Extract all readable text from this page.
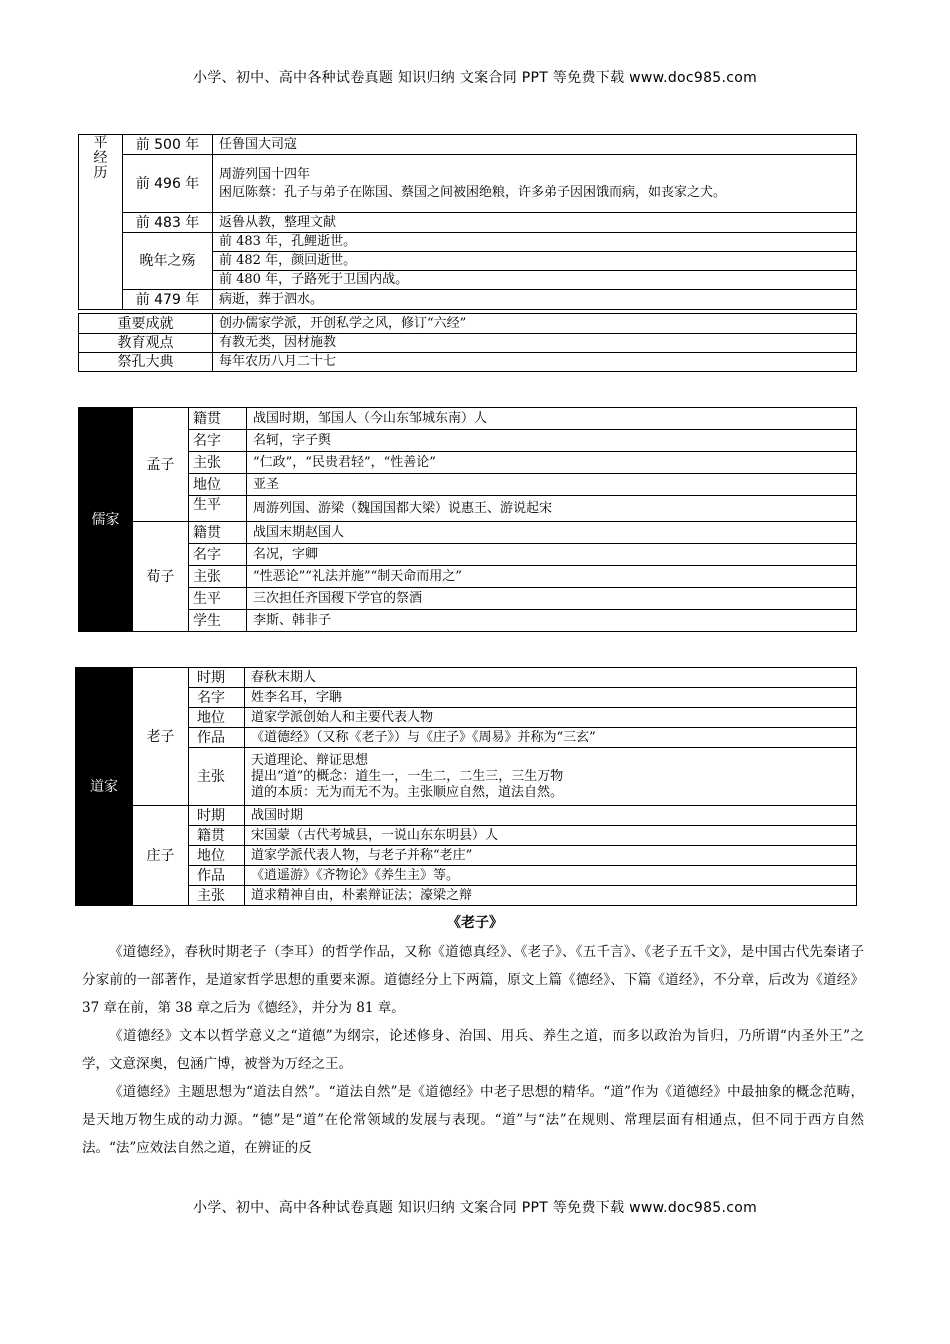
小学、初中、高中各种试卷真题 知识归纳 文案合同 PPT 等免费下载 www.doc985.com
平
经
历	前 500 年	任鲁国大司寇
	前 496 年	周游列国十四年
困厄陈蔡：孔子与弟子在陈国、蔡国之间被困绝粮，许多弟子因困饿而病，如丧家之犬。

	前 483 年	返鲁从教，整理文献
	晚年之殇	前 483 年，孔鲤逝世。
		前 482 年，颜回逝世。
		前 480 年，子路死于卫国内战。
	前 479 年	病逝，葬于泗水。
重要成就	创办儒家学派，开创私学之风，修订“六经”
教育观点	有教无类，因材施教
祭孔大典	每年农历八月二十七
儒家	孟子	籍贯	战国时期，邹国人（今山东邹城东南）人
		名字	名轲，字子舆
		主张	“仁政”，“民贵君轻”，“性善论”
		地位	亚圣
		生平	周游列国、游梁（魏国国都大梁）说惠王、游说起宋
	荀子	籍贯	战国末期赵国人
		名字	名况，字卿
		主张	“性恶论”“礼法并施”“制天命而用之”
		生平	三次担任齐国稷下学官的祭酒
		学生	李斯、韩非子
道家	老子	时期	春秋末期人
		名字	姓李名耳，字聃
		地位	道家学派创始人和主要代表人物
		作品	《道德经》（又称《老子》）与《庄子》《周易》并称为“三玄”
		主张	天道理论、辩证思想
提出“道”的概念：道生一，一生二，二生三，三生万物
道的本质：无为而无不为。主张顺应自然，道法自然。

	庄子	时期	战国时期
		籍贯	宋国蒙（古代考城县，一说山东东明县）人
		地位	道家学派代表人物，与老子并称“老庄”
		作品	《逍遥游》《齐物论》《养生主》等。
		主张	道求精神自由，朴素辩证法；濠梁之辩
《老子》

《道德经》，春秋时期老子（李耳）的哲学作品，又称《道德真经》、《老子》、《五千言》、《老子五千文》，是中国古代先秦诸子分家前的一部著作，是道家哲学思想的重要来源。道德经分上下两篇，原文上篇《德经》、下篇《道经》，不分章，后改为《道经》37 章在前，第 38 章之后为《德经》，并分为 81 章。

《道德经》文本以哲学意义之“道德”为纲宗，论述修身、治国、用兵、养生之道，而多以政治为旨归，乃所谓“内圣外王”之学，文意深奥，包涵广博，被誉为万经之王。

《道德经》主题思想为“道法自然”。“道法自然”是《道德经》中老子思想的精华。“道”作为《道德经》中最抽象的概念范畴，是天地万物生成的动力源。“德”是“道”在伦常领域的发展与表现。“道”与“法”在规则、常理层面有相通点，但不同于西方自然法。“法”应效法自然之道，在辨证的反

小学、初中、高中各种试卷真题 知识归纳 文案合同 PPT 等免费下载 www.doc985.com
